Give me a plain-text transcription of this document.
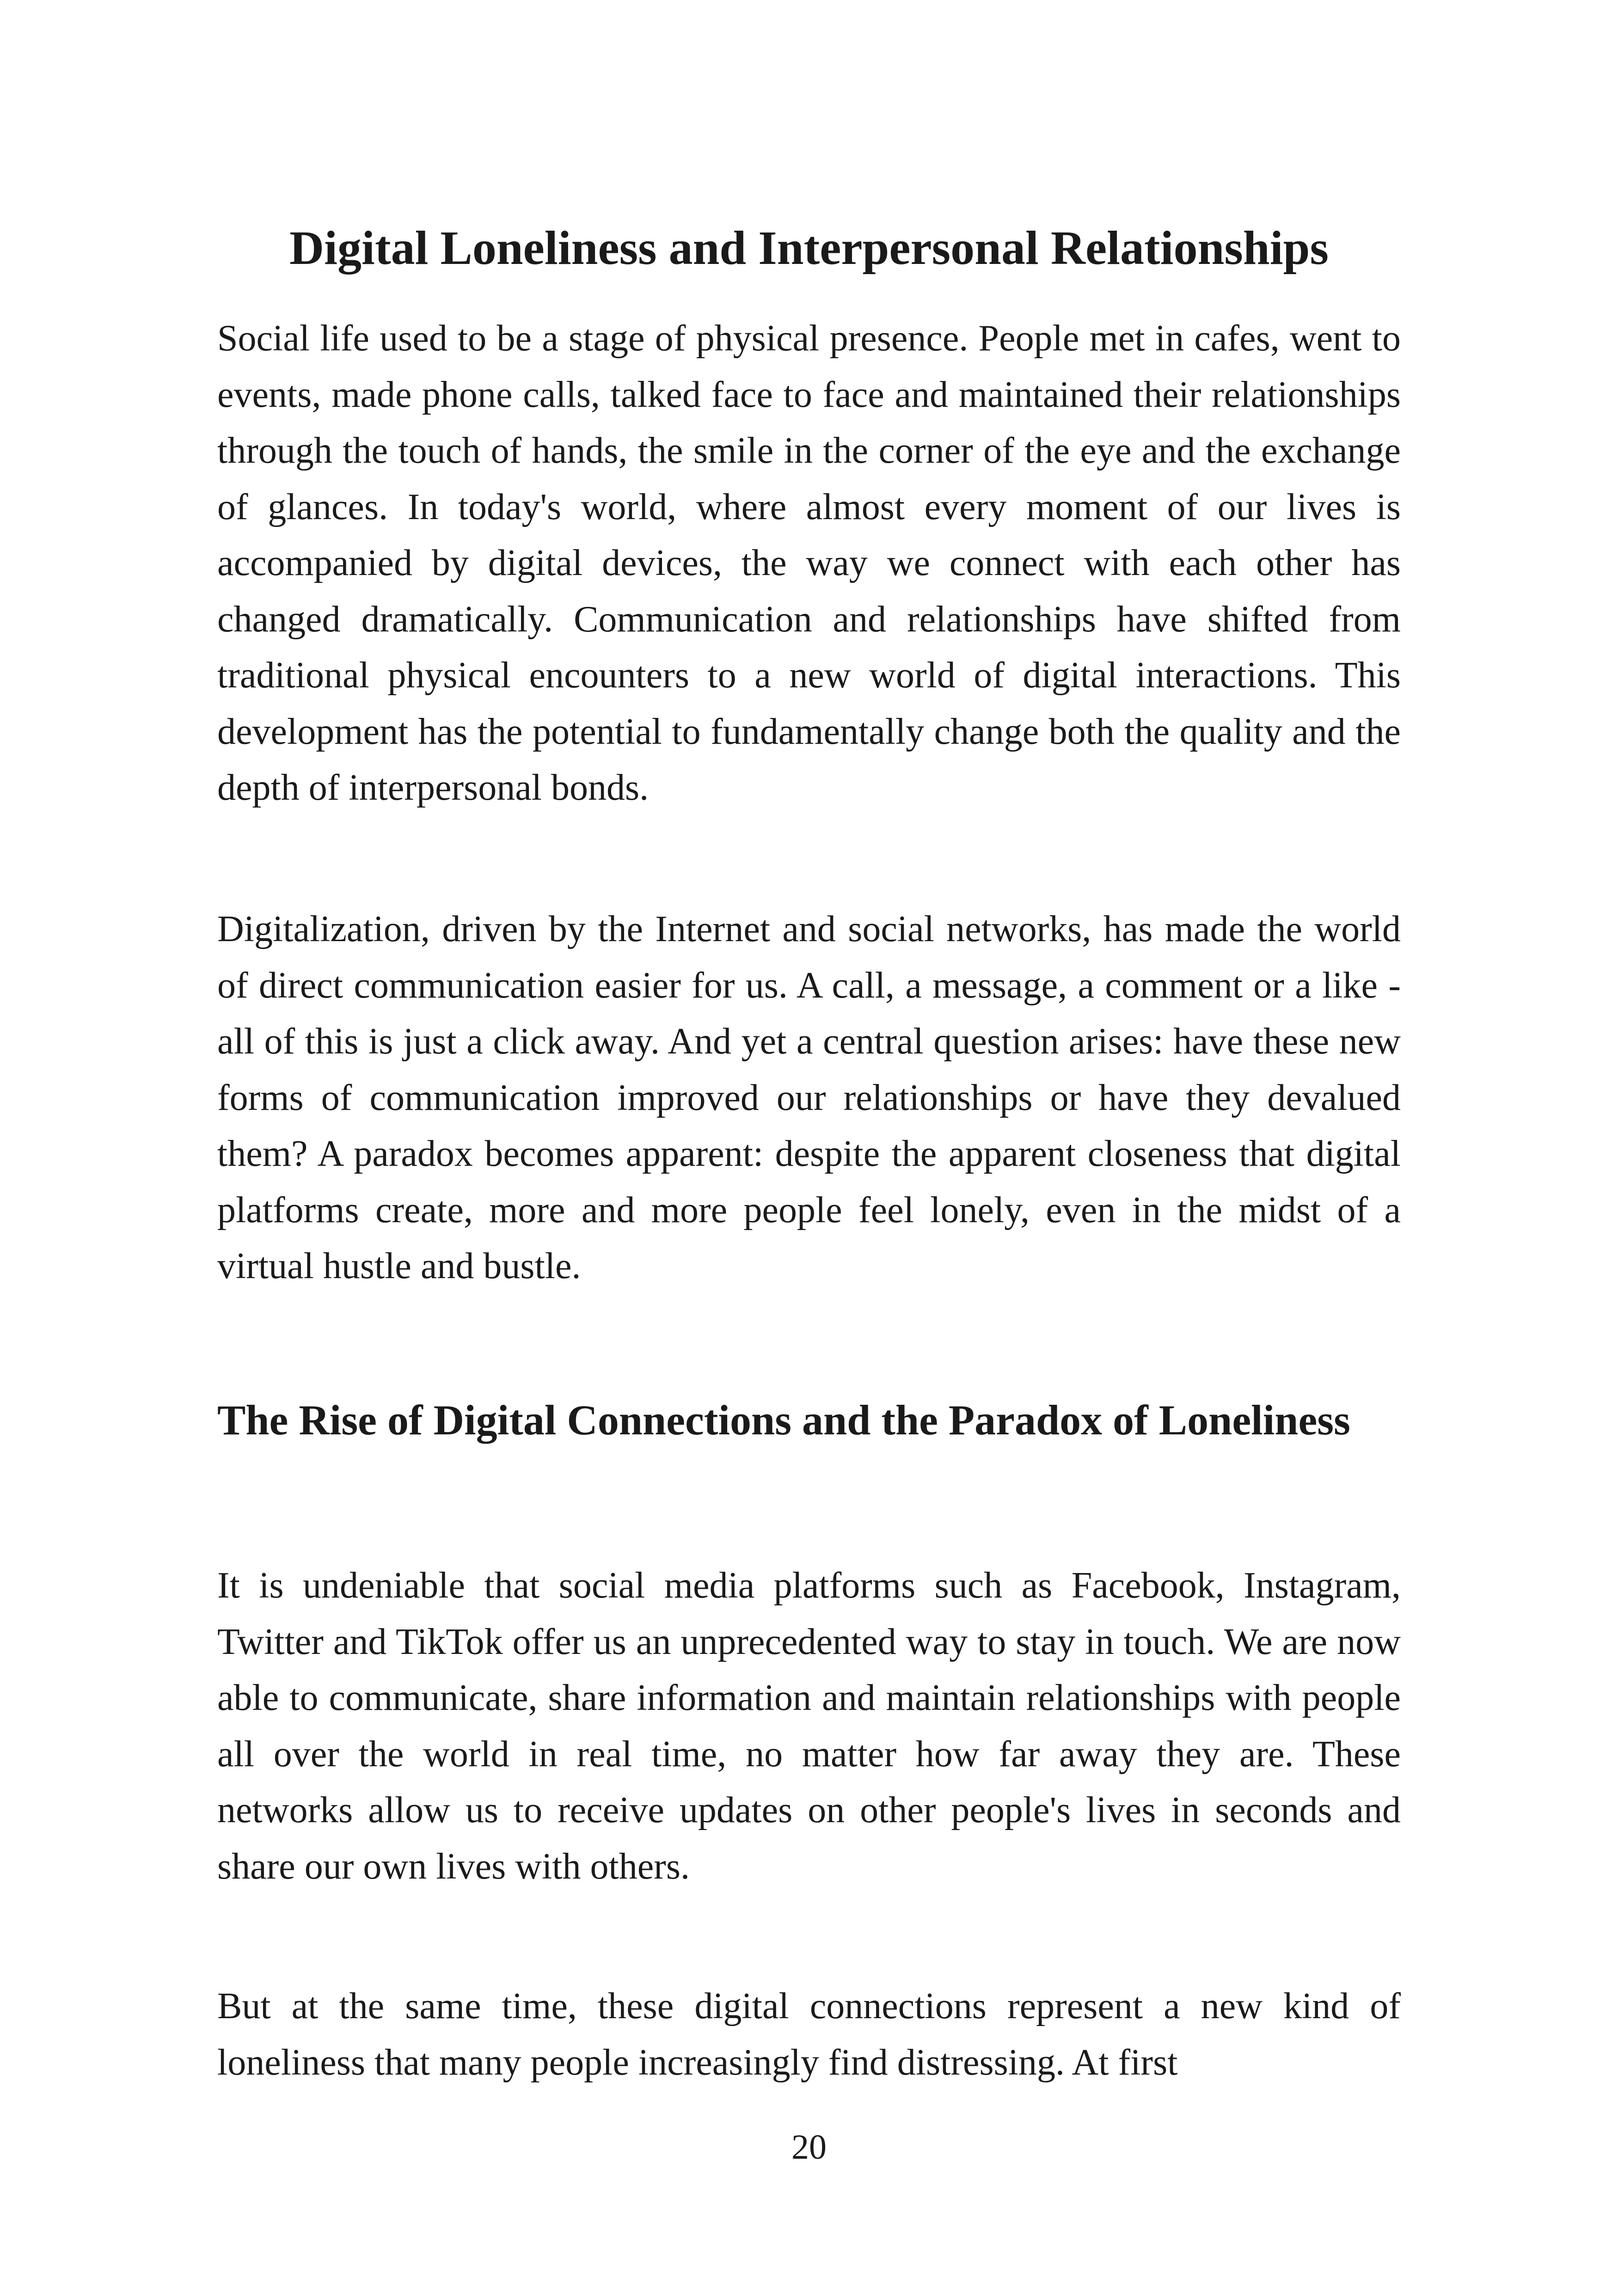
Digital Loneliness and Interpersonal Relationships

Social life used to be a stage of physical presence. People met in cafes, went to events, made phone calls, talked face to face and maintained their relationships through the touch of hands, the smile in the corner of the eye and the exchange of glances. In today's world, where almost every moment of our lives is accompanied by digital devices, the way we connect with each other has changed dramatically. Communication and relationships have shifted from traditional physical encounters to a new world of digital interactions. This development has the potential to fundamentally change both the quality and the depth of interpersonal bonds.

Digitalization, driven by the Internet and social networks, has made the world of direct communication easier for us. A call, a message, a comment or a like - all of this is just a click away. And yet a central question arises: have these new forms of communication improved our relationships or have they devalued them? A paradox becomes apparent: despite the apparent closeness that digital platforms create, more and more people feel lonely, even in the midst of a virtual hustle and bustle.

The Rise of Digital Connections and the Paradox of Loneliness

It is undeniable that social media platforms such as Facebook, Instagram, Twitter and TikTok offer us an unprecedented way to stay in touch. We are now able to communicate, share information and maintain relationships with people all over the world in real time, no matter how far away they are. These networks allow us to receive updates on other people's lives in seconds and share our own lives with others.

But at the same time, these digital connections represent a new kind of loneliness that many people increasingly find distressing. At first

20
